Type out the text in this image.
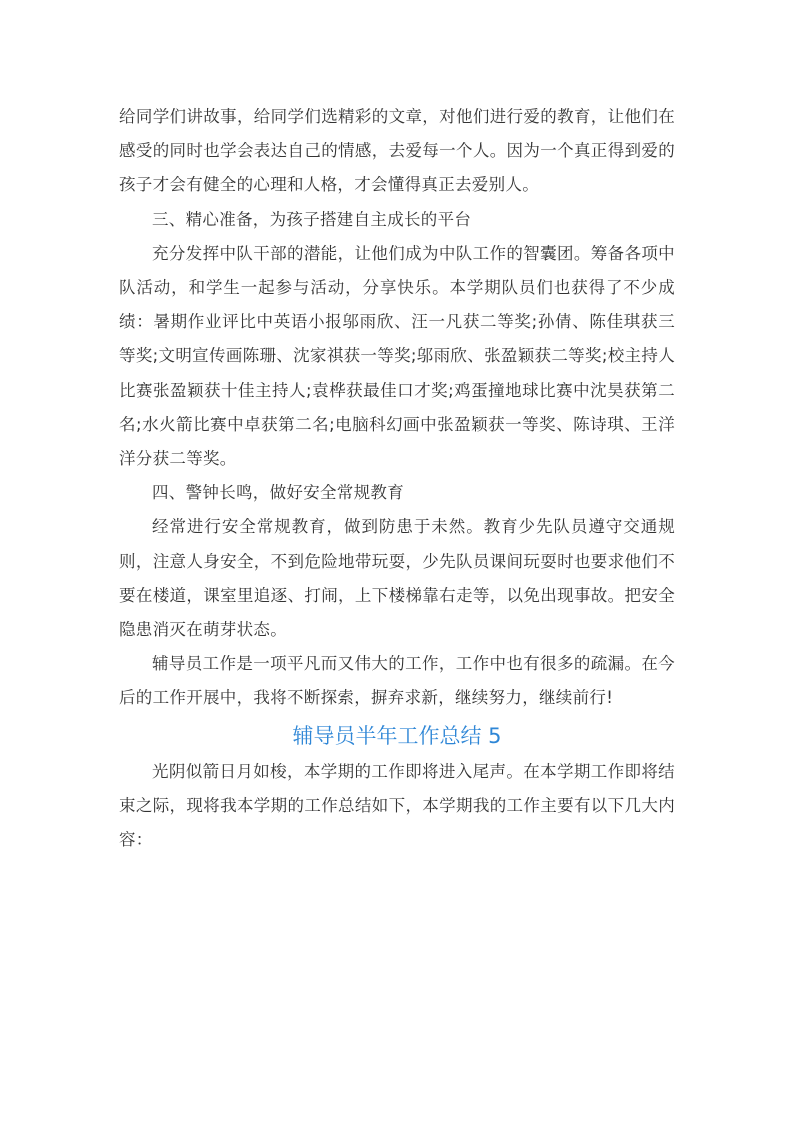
给同学们讲故事，给同学们选精彩的文章，对他们进行爱的教育，让他们在感受的同时也学会表达自己的情感，去爱每一个人。因为一个真正得到爱的孩子才会有健全的心理和人格，才会懂得真正去爱别人。

三、精心准备，为孩子搭建自主成长的平台

充分发挥中队干部的潜能，让他们成为中队工作的智囊团。筹备各项中队活动，和学生一起参与活动，分享快乐。本学期队员们也获得了不少成绩：暑期作业评比中英语小报邬雨欣、汪一凡获二等奖;孙倩、陈佳琪获三等奖;文明宣传画陈珊、沈家祺获一等奖;邬雨欣、张盈颖获二等奖;校主持人比赛张盈颖获十佳主持人;袁桦获最佳口才奖;鸡蛋撞地球比赛中沈昊获第二名;水火箭比赛中卓获第二名;电脑科幻画中张盈颖获一等奖、陈诗琪、王洋洋分获二等奖。

四、警钟长鸣，做好安全常规教育

经常进行安全常规教育，做到防患于未然。教育少先队员遵守交通规则，注意人身安全，不到危险地带玩耍，少先队员课间玩耍时也要求他们不要在楼道，课室里追逐、打闹，上下楼梯靠右走等，以免出现事故。把安全隐患消灭在萌芽状态。

辅导员工作是一项平凡而又伟大的工作，工作中也有很多的疏漏。在今后的工作开展中，我将不断探索，摒弃求新，继续努力，继续前行!

辅导员半年工作总结 5

光阴似箭日月如梭，本学期的工作即将进入尾声。在本学期工作即将结束之际，现将我本学期的工作总结如下，本学期我的工作主要有以下几大内容：
